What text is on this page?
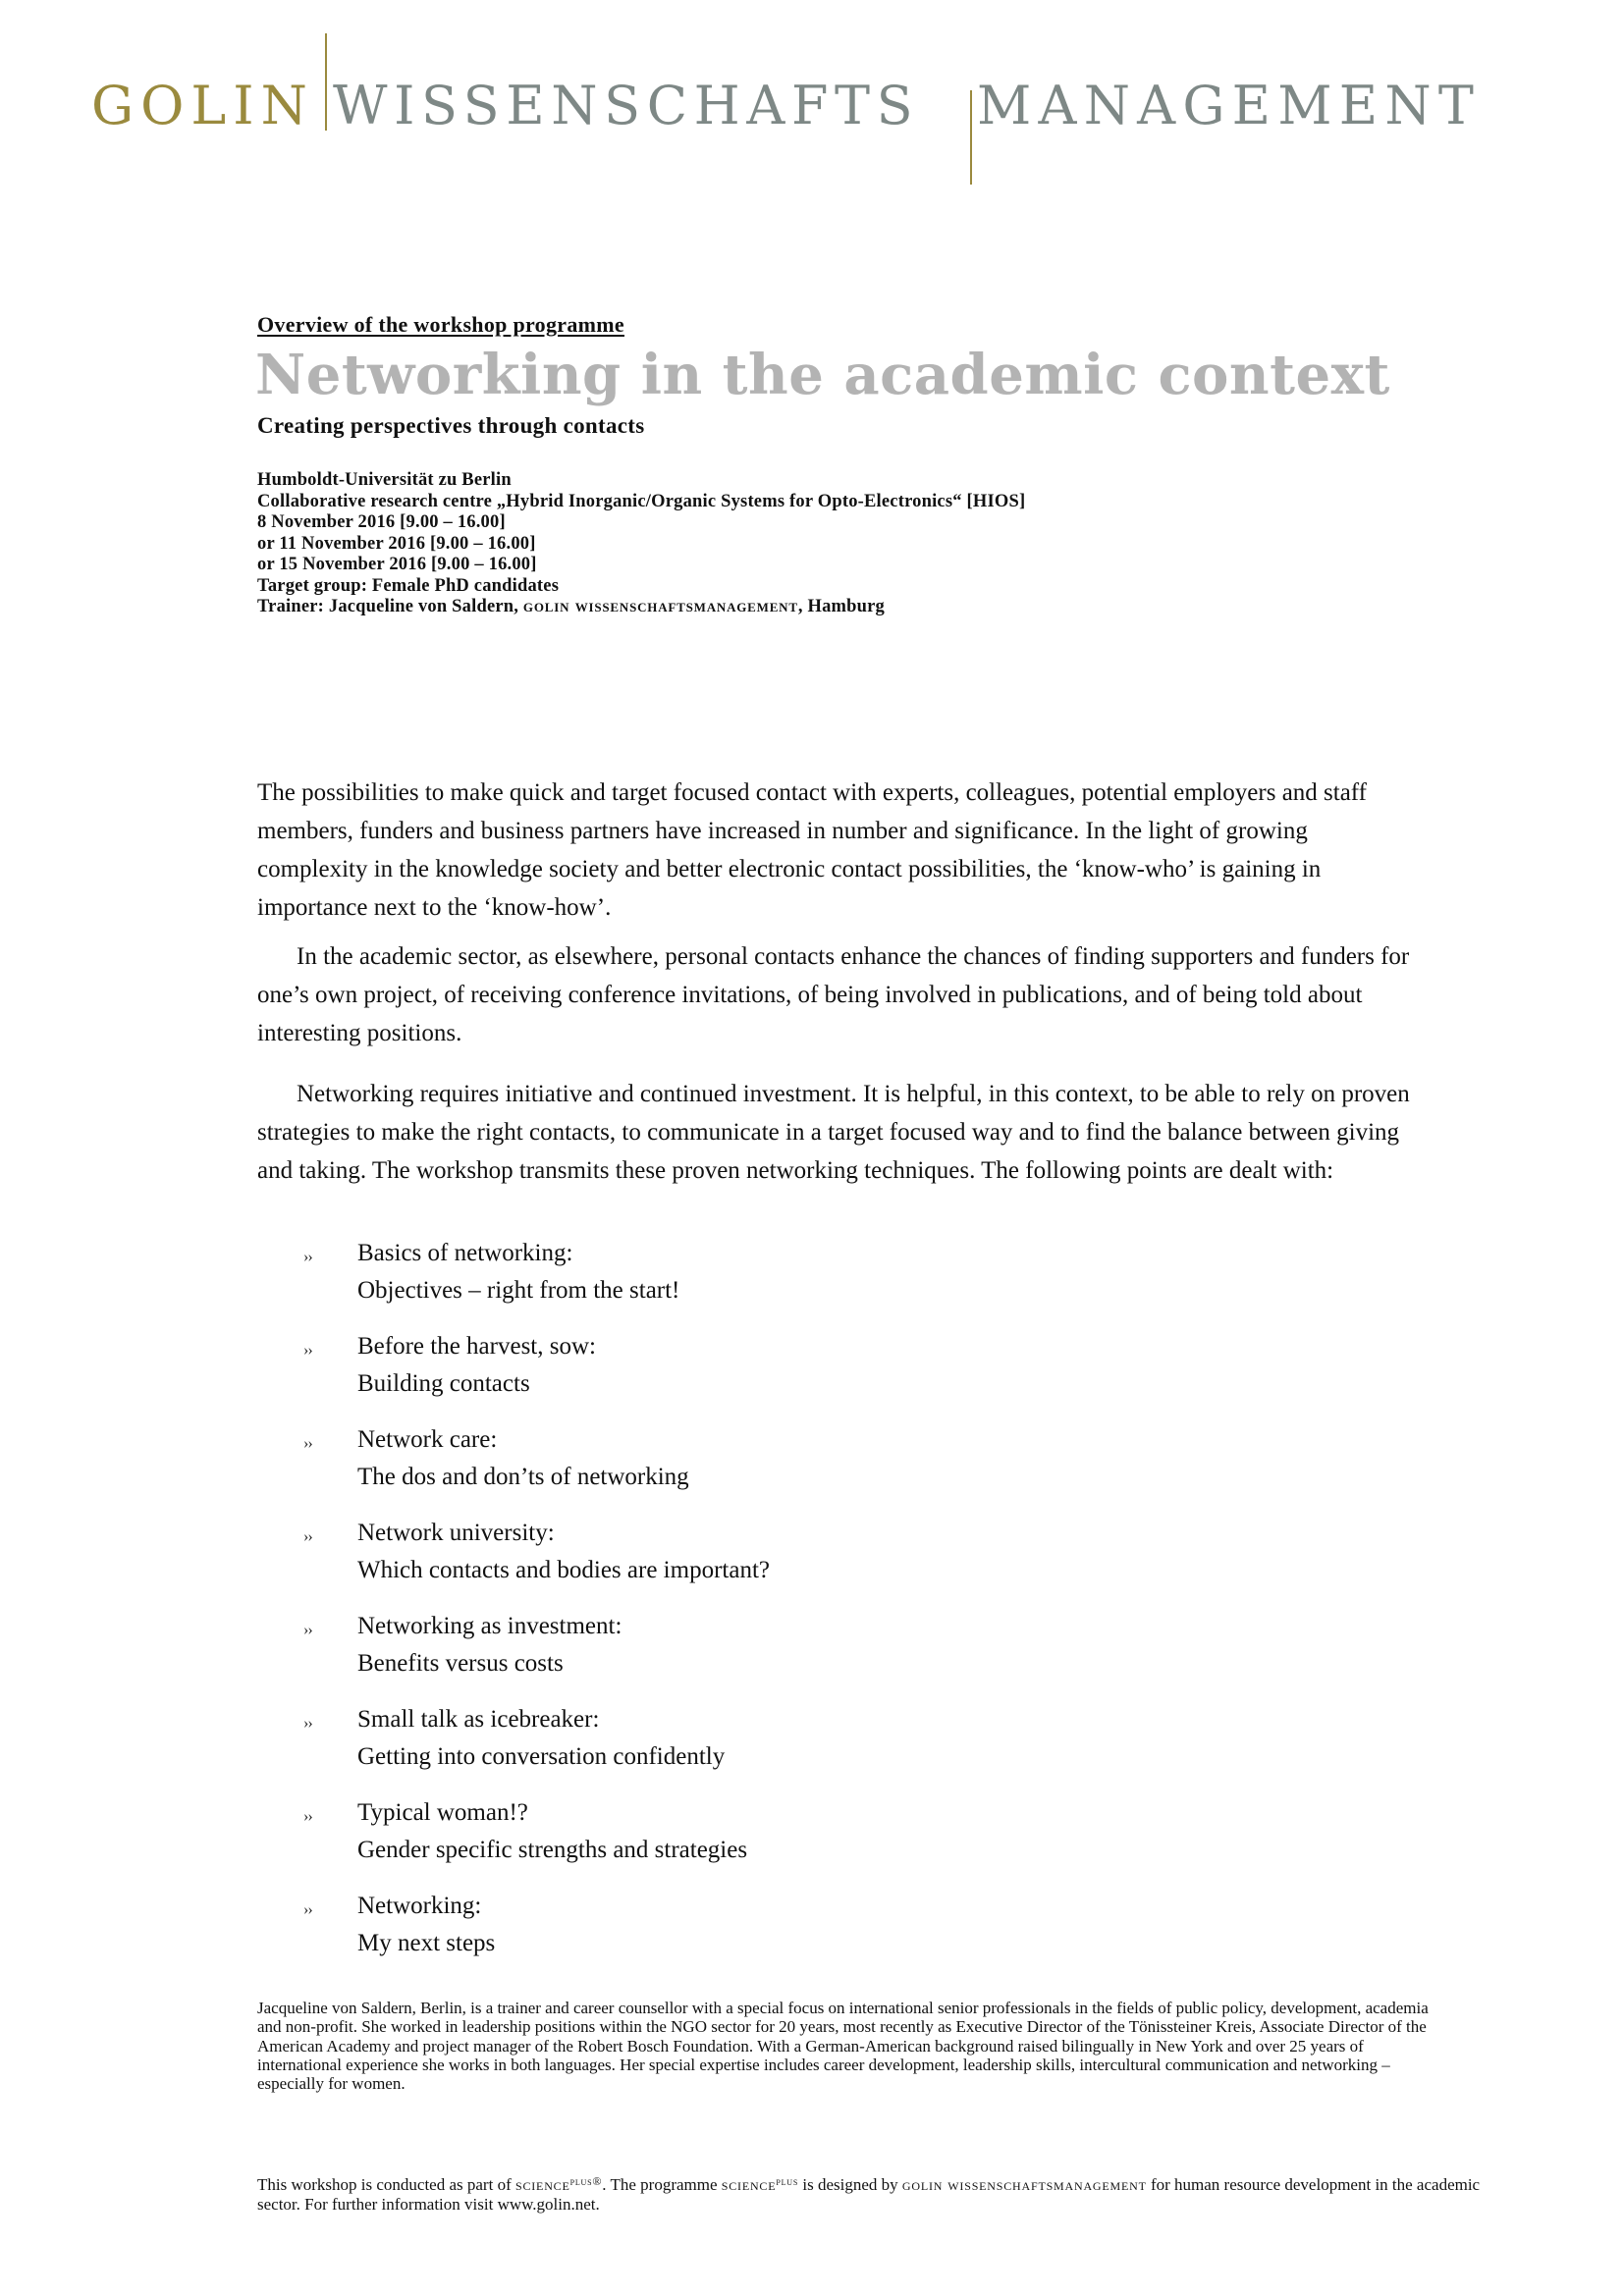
GOLIN WISSENSCHAFTS MANAGEMENT
Overview of the workshop programme
Networking in the academic context
Creating perspectives through contacts
Humboldt-Universität zu Berlin
Collaborative research centre „Hybrid Inorganic/Organic Systems for Opto-Electronics“ [HIOS]
8 November 2016 [9.00 – 16.00]
or 11 November 2016 [9.00 – 16.00]
or 15 November 2016 [9.00 – 16.00]
Target group: Female PhD candidates
Trainer: Jacqueline von Saldern, golin wissenschaftsmanagement, Hamburg

The possibilities to make quick and target focused contact with experts, colleagues, potential employers and staff members, funders and business partners have increased in number and significance. In the light of growing complexity in the knowledge society and better electronic contact possibilities, the ‘know-who’ is gaining in importance next to the ‘know-how’.

In the academic sector, as elsewhere, personal contacts enhance the chances of finding supporters and funders for one’s own project, of receiving conference invitations, of being involved in publications, and of being told about interesting positions.

Networking requires initiative and continued investment. It is helpful, in this context, to be able to rely on proven strategies to make the right contacts, to communicate in a target focused way and to find the balance between giving and taking. The workshop transmits these proven networking techniques. The following points are dealt with:

›› Basics of networking:
Objectives – right from the start!
›› Before the harvest, sow:
Building contacts
›› Network care:
The dos and don’ts of networking
›› Network university:
Which contacts and bodies are important?
›› Networking as investment:
Benefits versus costs
›› Small talk as icebreaker:
Getting into conversation confidently
›› Typical woman!?
Gender specific strengths and strategies
›› Networking:
My next steps
Jacqueline von Saldern, Berlin, is a trainer and career counsellor with a special focus on international senior professionals in the fields of public policy, development, academia and non-profit. She worked in leadership positions within the NGO sector for 20 years, most recently as Executive Director of the Tönissteiner Kreis, Associate Director of the American Academy and project manager of the Robert Bosch Foundation. With a German-American background raised bilingually in New York and over 25 years of international experience she works in both languages. Her special expertise includes career development, leadership skills, intercultural communication and networking – especially for women.
This workshop is conducted as part of science$^{plus®}$. The programme science$^{plus}$ is designed by golin wissenschaftsmanagement for human resource development in the academic sector. For further information visit www.golin.net.
